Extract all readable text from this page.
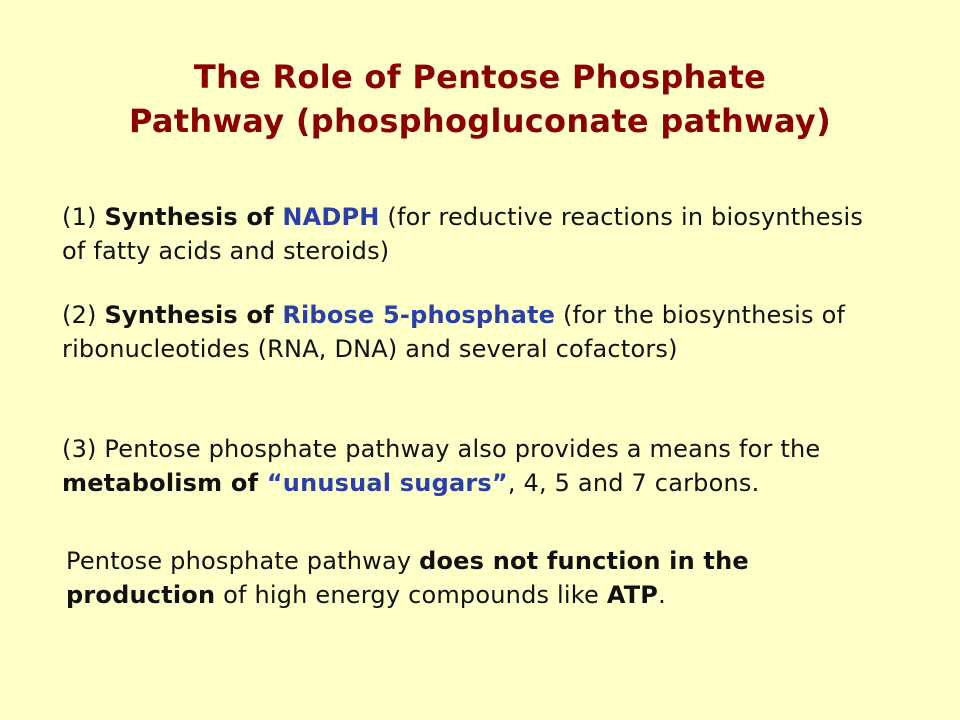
The Role of Pentose Phosphate
Pathway (phosphogluconate pathway)
(1) Synthesis of NADPH (for reductive reactions in biosynthesis of fatty acids and steroids)
(2) Synthesis of Ribose 5-phosphate (for the biosynthesis of ribonucleotides (RNA, DNA) and several cofactors)
(3) Pentose phosphate pathway also provides a means for the metabolism of “unusual sugars”, 4, 5 and 7 carbons.
Pentose phosphate pathway does not function in the production of high energy compounds like ATP.
